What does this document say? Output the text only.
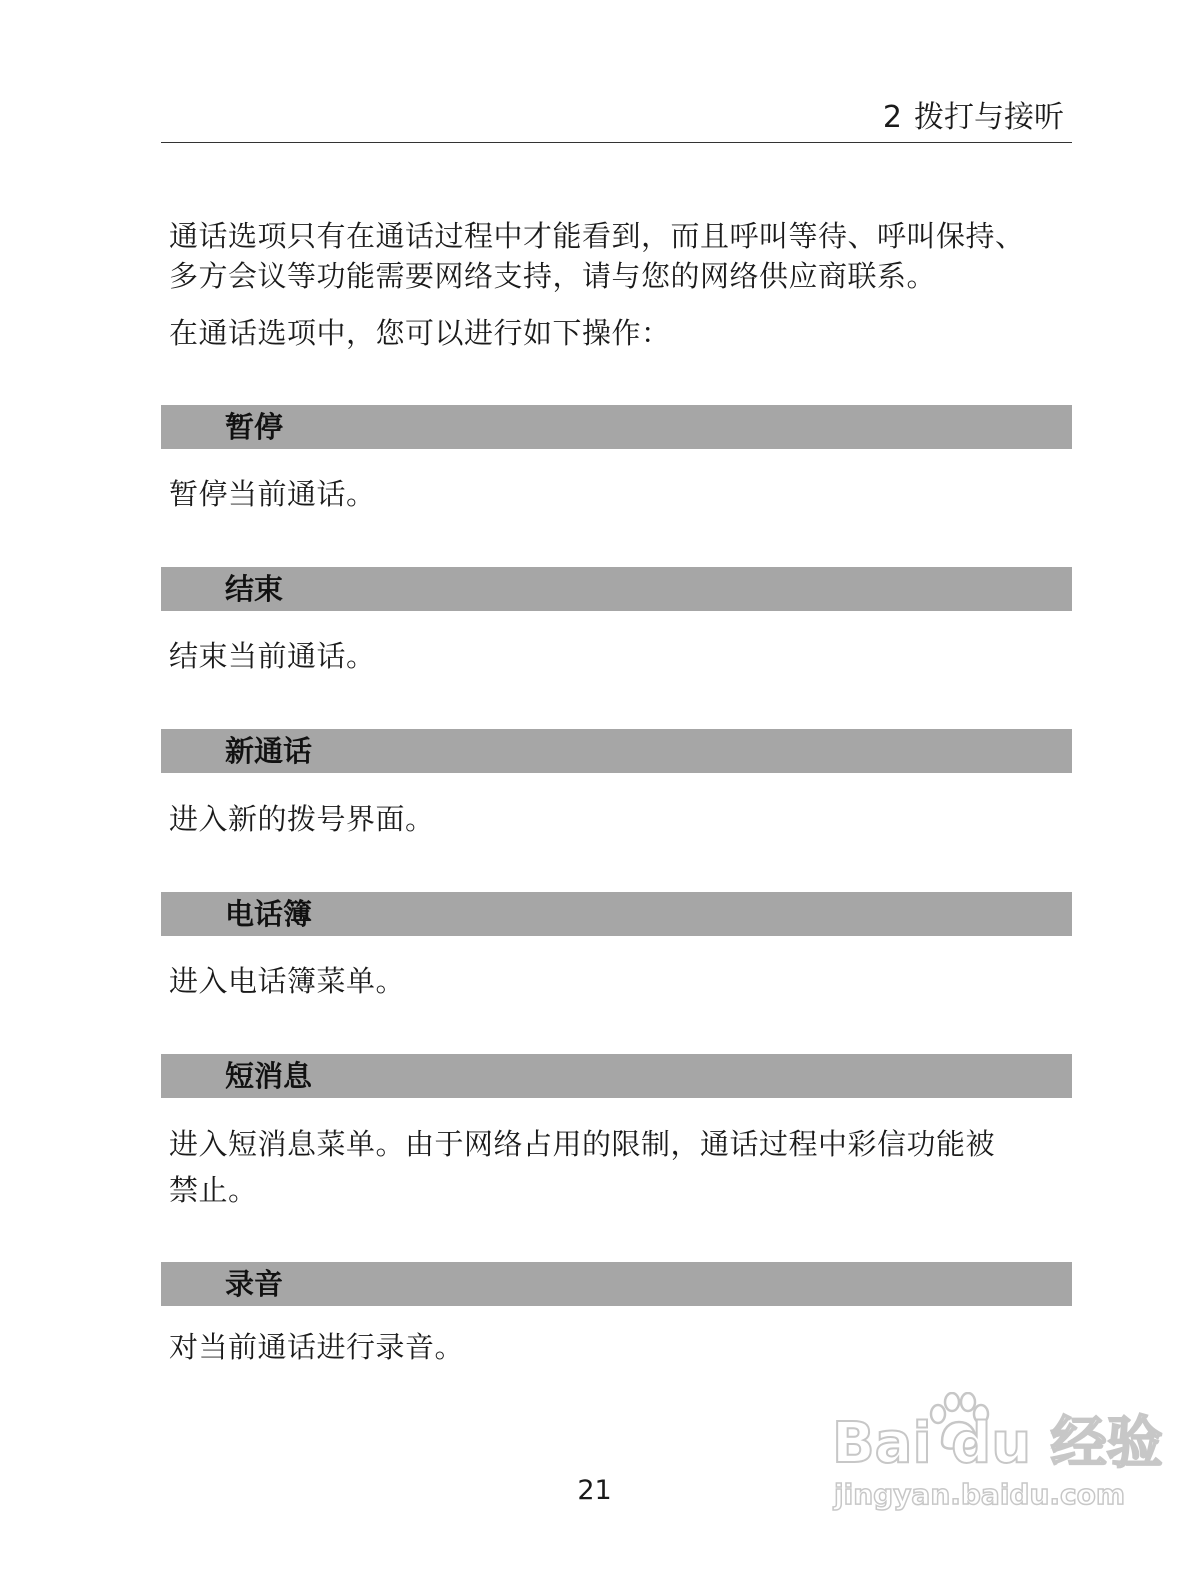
2 拨打与接听

通话选项只有在通话过程中才能看到，而且呼叫等待、呼叫保持、

多方会议等功能需要网络支持，请与您的网络供应商联系。

在通话选项中，您可以进行如下操作：

暂停

暂停当前通话。

结束

结束当前通话。

新通话

进入新的拨号界面。

电话簿

进入电话簿菜单。

短消息

进入短消息菜单。由于网络占用的限制，通话过程中彩信功能被

禁止。

录音

对当前通话进行录音。

21
Bai du 经验
jingyan.baidu.com
